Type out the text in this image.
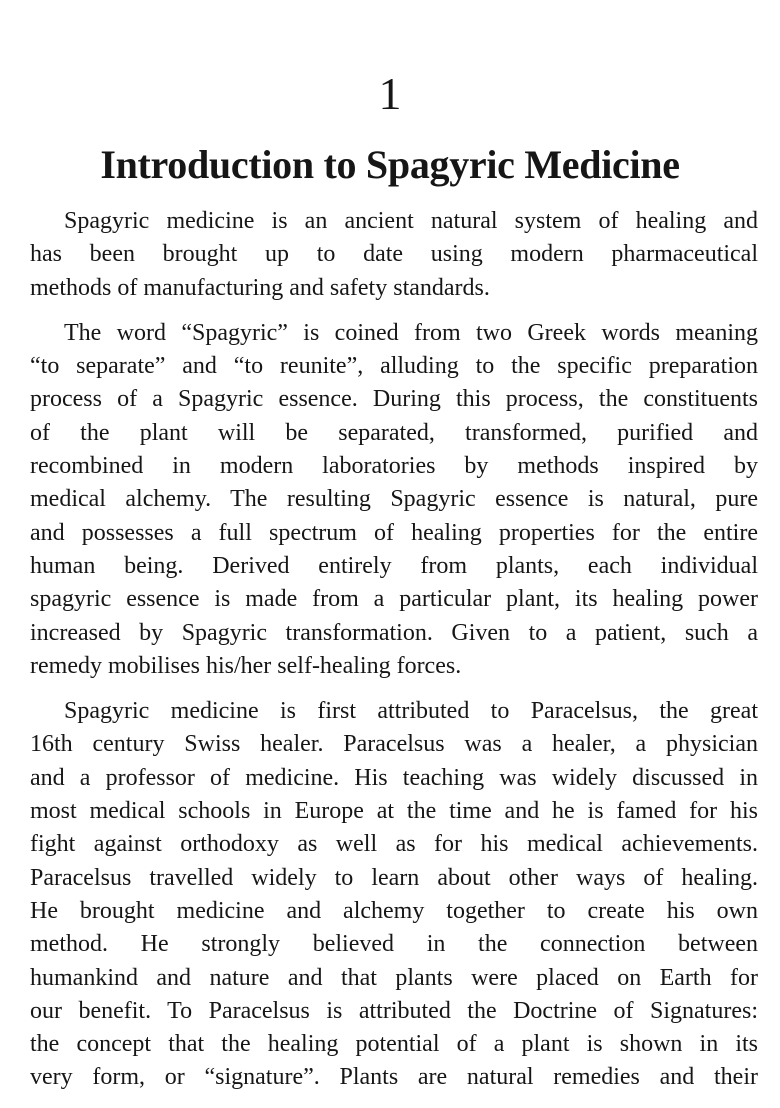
1
Introduction to Spagyric Medicine
Spagyric medicine is an ancient natural system of healing and
has been brought up to date using modern pharmaceutical
methods of manufacturing and safety standards.
The word “Spagyric” is coined from two Greek words meaning
“to separate” and “to reunite”, alluding to the specific preparation
process of a Spagyric essence. During this process, the constituents
of the plant will be separated, transformed, purified and
recombined in modern laboratories by methods inspired by
medical alchemy. The resulting Spagyric essence is natural, pure
and possesses a full spectrum of healing properties for the entire
human being. Derived entirely from plants, each individual
spagyric essence is made from a particular plant, its healing power
increased by Spagyric transformation. Given to a patient, such a
remedy mobilises his/her self-healing forces.
Spagyric medicine is first attributed to Paracelsus, the great
16th century Swiss healer. Paracelsus was a healer, a physician
and a professor of medicine. His teaching was widely discussed in
most medical schools in Europe at the time and he is famed for his
fight against orthodoxy as well as for his medical achievements.
Paracelsus travelled widely to learn about other ways of healing.
He brought medicine and alchemy together to create his own
method. He strongly believed in the connection between
humankind and nature and that plants were placed on Earth for
our benefit. To Paracelsus is attributed the Doctrine of Signatures:
the concept that the healing potential of a plant is shown in its
very form, or “signature”. Plants are natural remedies and their
